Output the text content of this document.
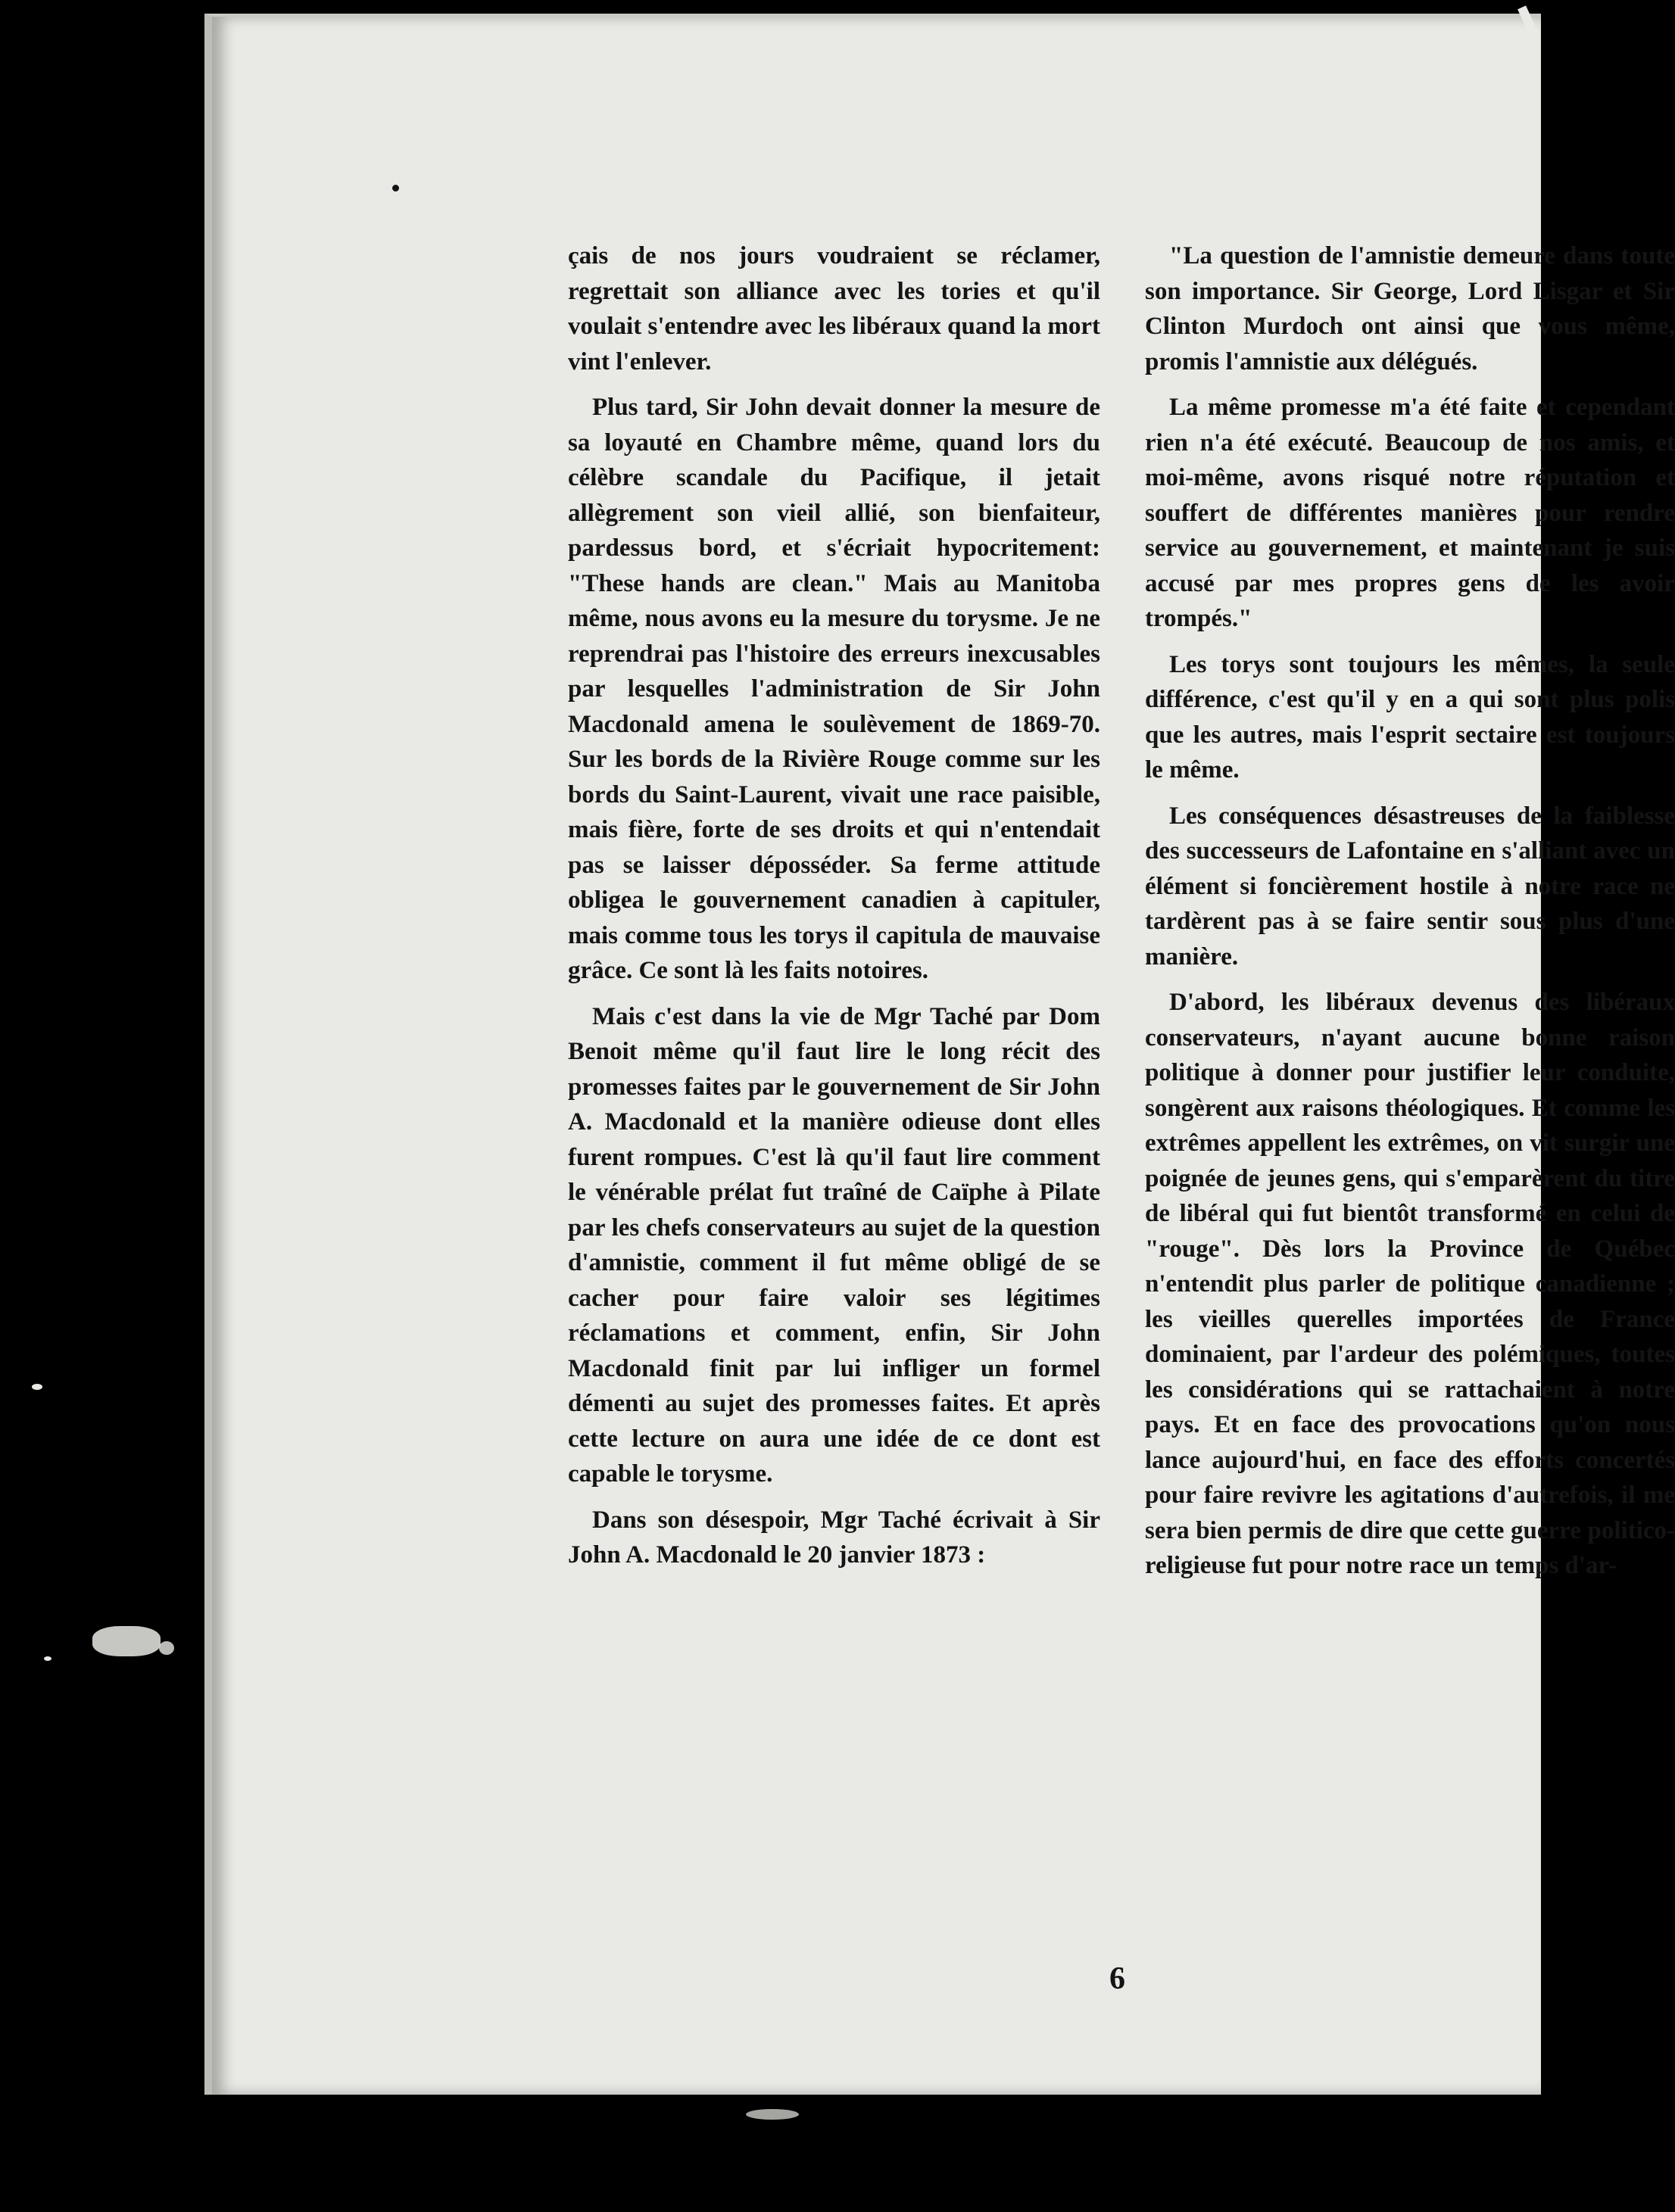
çais de nos jours voudraient se réclamer, regrettait son alliance avec les tories et qu'il voulait s'entendre avec les libéraux quand la mort vint l'enlever.

Plus tard, Sir John devait donner la mesure de sa loyauté en Chambre même, quand lors du célèbre scandale du Pacifique, il jetait allègrement son vieil allié, son bienfaiteur, pardessus bord, et s'écriait hypocritement: "These hands are clean." Mais au Manitoba même, nous avons eu la mesure du torysme. Je ne reprendrai pas l'histoire des erreurs inexcusables par lesquelles l'administration de Sir John Macdonald amena le soulèvement de 1869-70. Sur les bords de la Rivière Rouge comme sur les bords du Saint-Laurent, vivait une race paisible, mais fière, forte de ses droits et qui n'entendait pas se laisser déposséder. Sa ferme attitude obligea le gouvernement canadien à capituler, mais comme tous les torys il capitula de mauvaise grâce. Ce sont là les faits notoires.

Mais c'est dans la vie de Mgr Taché par Dom Benoit même qu'il faut lire le long récit des promesses faites par le gouvernement de Sir John A. Macdonald et la manière odieuse dont elles furent rompues. C'est là qu'il faut lire comment le vénérable prélat fut traîné de Caïphe à Pilate par les chefs conservateurs au sujet de la question d'amnistie, comment il fut même obligé de se cacher pour faire valoir ses légitimes réclamations et comment, enfin, Sir John Macdonald finit par lui infliger un formel démenti au sujet des promesses faites. Et après cette lecture on aura une idée de ce dont est capable le torysme.

Dans son désespoir, Mgr Taché écrivait à Sir John A. Macdonald le 20 janvier 1873 :

"La question de l'amnistie demeure dans toute son importance. Sir George, Lord Lisgar et Sir Clinton Murdoch ont ainsi que vous même, promis l'amnistie aux délégués.

La même promesse m'a été faite et cependant rien n'a été exécuté. Beaucoup de nos amis, et moi-même, avons risqué notre réputation et souffert de différentes manières pour rendre service au gouvernement, et maintenant je suis accusé par mes propres gens de les avoir trompés."

Les torys sont toujours les mêmes, la seule différence, c'est qu'il y en a qui sont plus polis que les autres, mais l'esprit sectaire est toujours le même.

Les conséquences désastreuses de la faiblesse des successeurs de Lafontaine en s'alliant avec un élément si foncièrement hostile à notre race ne tardèrent pas à se faire sentir sous plus d'une manière.

D'abord, les libéraux devenus des libéraux conservateurs, n'ayant aucune bonne raison politique à donner pour justifier leur conduite, songèrent aux raisons théologiques. Et comme les extrêmes appellent les extrêmes, on vit surgir une poignée de jeunes gens, qui s'emparèrent du titre de libéral qui fut bientôt transformé en celui de "rouge". Dès lors la Province de Québec n'entendit plus parler de politique canadienne ; les vieilles querelles importées de France dominaient, par l'ardeur des polémiques, toutes les considérations qui se rattachaient à notre pays. Et en face des provocations qu'on nous lance aujourd'hui, en face des efforts concertés pour faire revivre les agitations d'autrefois, il me sera bien permis de dire que cette guerre politico-religieuse fut pour notre race un temps d'ar-

6
